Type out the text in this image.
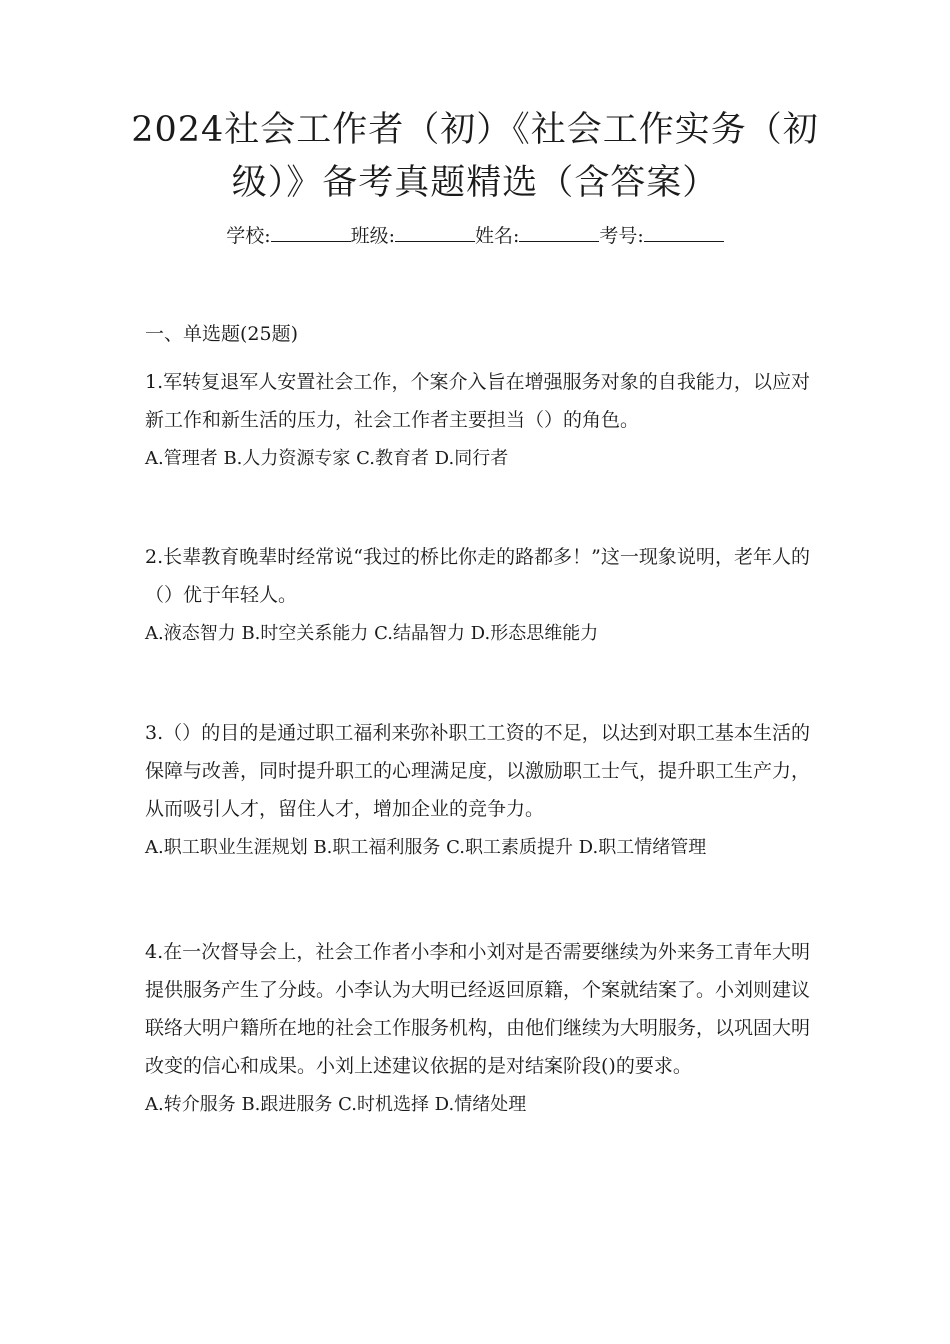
2024社会工作者（初）《社会工作实务（初级）》备考真题精选（含答案）
学校:	班级:	姓名:	考号:
一、单选题(25题)
1.军转复退军人安置社会工作，个案介入旨在增强服务对象的自我能力，以应对新工作和新生活的压力，社会工作者主要担当（）的角色。
A.管理者 B.人力资源专家 C.教育者 D.同行者
2.长辈教育晚辈时经常说“我过的桥比你走的路都多！”这一现象说明，老年人的（）优于年轻人。
A.液态智力 B.时空关系能力 C.结晶智力 D.形态思维能力
3.（）的目的是通过职工福利来弥补职工工资的不足，以达到对职工基本生活的保障与改善，同时提升职工的心理满足度，以激励职工士气，提升职工生产力，从而吸引人才，留住人才，增加企业的竞争力。
A.职工职业生涯规划 B.职工福利服务 C.职工素质提升 D.职工情绪管理
4.在一次督导会上，社会工作者小李和小刘对是否需要继续为外来务工青年大明提供服务产生了分歧。小李认为大明已经返回原籍，个案就结案了。小刘则建议联络大明户籍所在地的社会工作服务机构，由他们继续为大明服务，以巩固大明改变的信心和成果。小刘上述建议依据的是对结案阶段()的要求。
A.转介服务 B.跟进服务 C.时机选择 D.情绪处理
